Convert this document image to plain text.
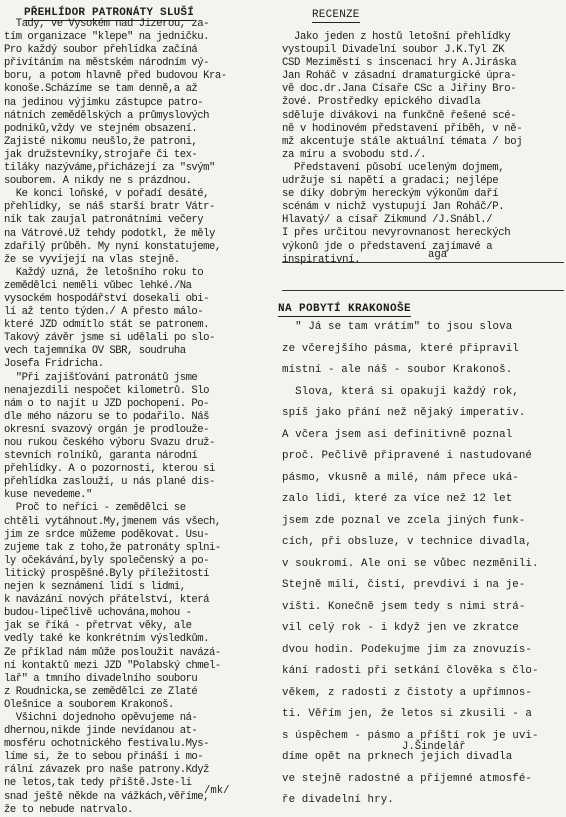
PŘEHLÍDOR PATRONÁTY SLUŠÍ
Tady, ve Vysokém nad Jizerou, za-
tím organizace "klepe" na jedničku.
Pro každý soubor přehlídka začíná
přivítáním na městském národním vý-
boru, a potom hlavně před budovou Kra-
konoše.Scházíme se tam denně,a až
na jedinou výjimku zástupce patro-
nátních zemědělských a průmyslových
podniků,vždy ve stejném obsazení.
Zajisté nikomu neušlo,že patroni,
jak družstevníky,strojaře či tex-
tiláky nazýváme,přicházejí za "svým"
souborem. A nikdy ne s prázdnou.
Ke konci loňské, v pořadí desáté,
přehlídky, se náš starší bratr Vátr-
ník tak zaujal patronátními večery
na Vátrové.Už tehdy podotkl, že měly
zdařilý průběh. My nyní konstatujeme,
že se vyvíjejí na vlas stejně.
Každý uzná, že letošního roku to
zemědělci neměli vůbec lehké./Na
vysockém hospodářství dosekali obi-
lí až tento týden./ A přesto málo-
které JZD odmítlo stát se patronem.
Takový závěr jsme si udělali po slo-
vech tajemníka OV SBR, soudruha
Josefa Fridricha.
"Při zajišťování patronátů jsme
nenajezdili nespočet kilometrů. Šlo
nám o to najít u JZD pochopení. Po-
dle mého názoru se to podařilo. Náš
okresní svazový orgán je prodlouže-
nou rukou českého výboru Svazu druž-
stevních rolníků, garanta národní
přehlídky. A o pozornosti, kterou si
přehlídka zaslouží, u nás plané dis-
kuse nevedeme."
Proč to neříci - zemědělci se
chtěli vytáhnout.My,jmenem vás všech,
jim ze srdce můžeme poděkovat. Usu-
zujeme tak z toho,že patronáty splni-
ly očekávání,byly společenský a po-
litický prospěšné.Byly příležitostí
nejen k seznámení lidí s lidmi,
k navázání nových přátelství, která
budou-lipečlivě uchována,mohou -
jak se říká - přetrvat věky, ale
vedly také ke konkrétním výsledkům.
Ze příklad nám může posloužit navázá-
ní kontaktů mezi JZD "Polabský chmel-
lař" a tmního divadelního souboru
z Roudnicka,se zemědělci ze Zlaté
Olešnice a souborem Krakonoš.
Všichni dojednoho opěvujeme ná-
dhernou,nikde jinde nevídanou at-
mosféru ochotnického festivalu.Mys-
líme si, že to sebou přináší i mo-
rální závazek pro naše patrony.Když
ne letos,tak tedy příště.Jste-li
snad ještě někde na vážkách,věříme,
že to nebude natrvalo.
/mk/
RECENZE
Jako jeden z hostů letošní přehlídky
vystoupil Divadelní soubor J.K.Tyl ZK
ČSD Meziměstí s inscenací hry A.Jiráska
Jan Roháč v zásadní dramaturgické úpra-
vě doc.dr.Jana Císaře CSc a Jiřiny Bro-
žové. Prostředky epického divadla
sděluje divákovi na funkčně řešené scé-
ně v hodinovém představení příběh, v ně-
mž akcentuje stále aktuální témata / boj
za míru a svobodu std./.
Představení působí uceleným dojmem,
udržuje si napětí a gradaci; nejlépe
se díky dobrým hereckým výkonům daří
scénám v nichž vystupují Jan Roháč/P.
Hlavatý/ a císař Zikmund /J.Šnábl./
I přes určitou nevyrovnanost hereckých
výkonů jde o představení zajímavé a
inspirativní.	aga
NA POBYTÍ KRAKONOŠE
" Já se tam vrátím" to jsou slova
ze včerejšího pásma, které připravil
místní - ale náš - soubor Krakonoš.
Slova, která si opakuji každý rok,
spíš jako přání než nějaký imperativ.
A včera jsem asi definitivně poznal
proč. Pečlivě připravené i nastudované
pásmo, vkusně a milé, nám přece uká-
zalo lidi, které za více než 12 let
jsem zde poznal ve zcela jiných funk-
cích, při obsluze, v technice divadla,
v soukromí. Ale oni se vůbec nezměnili.
Stejně milí, čistí, prevdiví i na je-
višti. Konečně jsem tedy s nimi strá-
vil celý rok - i když jen ve zkratce
dvou hodin. Podekujme jim za znovuzís-
kání radosti při setkání člověka s člo-
věkem, z radosti z čistoty a upřímnos-
ti. Věřím jen, že letos si zkusili - a
s úspěchem - pásmo a příští rok je uvi-
díme opět na prknech jejich divadla
ve stejně radostné a příjemné atmosfé-
ře divadelní hry.
J.Šindelář
